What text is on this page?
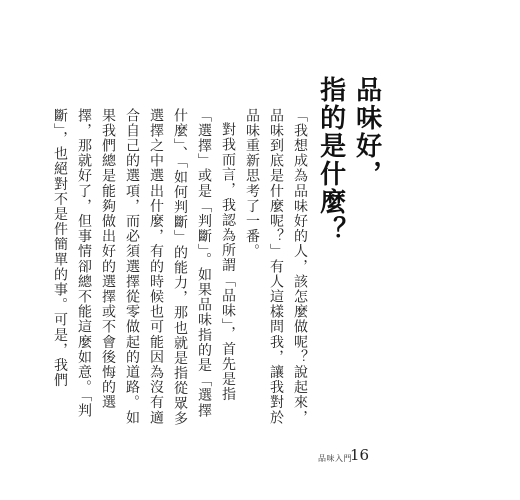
品味好，
指的是什麼？

「我想成為品味好的人，該怎麼做呢？說起來，品味到底是什麼呢？」有人這樣問我，讓我對於品味重新思考了一番。

對我而言，我認為所謂「品味」，首先是指「選擇」或是「判斷」。如果品味指的是「選擇什麼」、「如何判斷」的能力，那也就是指從眾多選擇之中選出什麼，有的時候也可能因為沒有適合自己的選項，而必須選擇從零做起的道路。如果我們總是能夠做出好的選擇或不會後悔的選擇，那就好了，但事情卻總不能這麼如意。「判斷」，也絕對不是件簡單的事。可是，我們

品味入門
16
